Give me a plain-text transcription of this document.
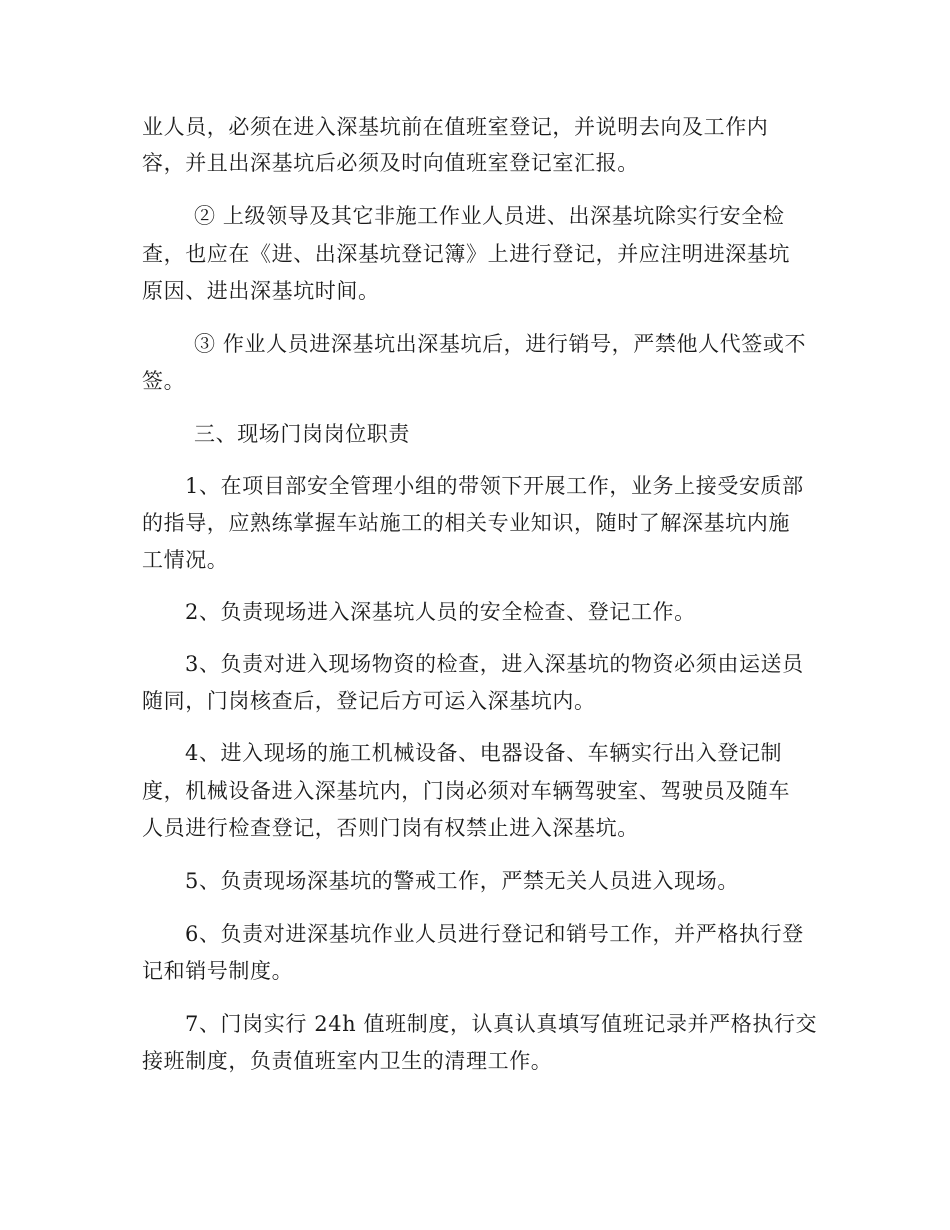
业人员，必须在进入深基坑前在值班室登记，并说明去向及工作内
容，并且出深基坑后必须及时向值班室登记室汇报。
② 上级领导及其它非施工作业人员进、出深基坑除实行安全检
查，也应在《进、出深基坑登记簿》上进行登记，并应注明进深基坑
原因、进出深基坑时间。
③ 作业人员进深基坑出深基坑后，进行销号，严禁他人代签或不
签。
三、现场门岗岗位职责
1、在项目部安全管理小组的带领下开展工作，业务上接受安质部
的指导，应熟练掌握车站施工的相关专业知识，随时了解深基坑内施
工情况。
2、负责现场进入深基坑人员的安全检查、登记工作。
3、负责对进入现场物资的检查，进入深基坑的物资必须由运送员
随同，门岗核查后，登记后方可运入深基坑内。
4、进入现场的施工机械设备、电器设备、车辆实行出入登记制
度，机械设备进入深基坑内，门岗必须对车辆驾驶室、驾驶员及随车
人员进行检查登记，否则门岗有权禁止进入深基坑。
5、负责现场深基坑的警戒工作，严禁无关人员进入现场。
6、负责对进深基坑作业人员进行登记和销号工作，并严格执行登
记和销号制度。
7、门岗实行 24h 值班制度，认真认真填写值班记录并严格执行交
接班制度，负责值班室内卫生的清理工作。
